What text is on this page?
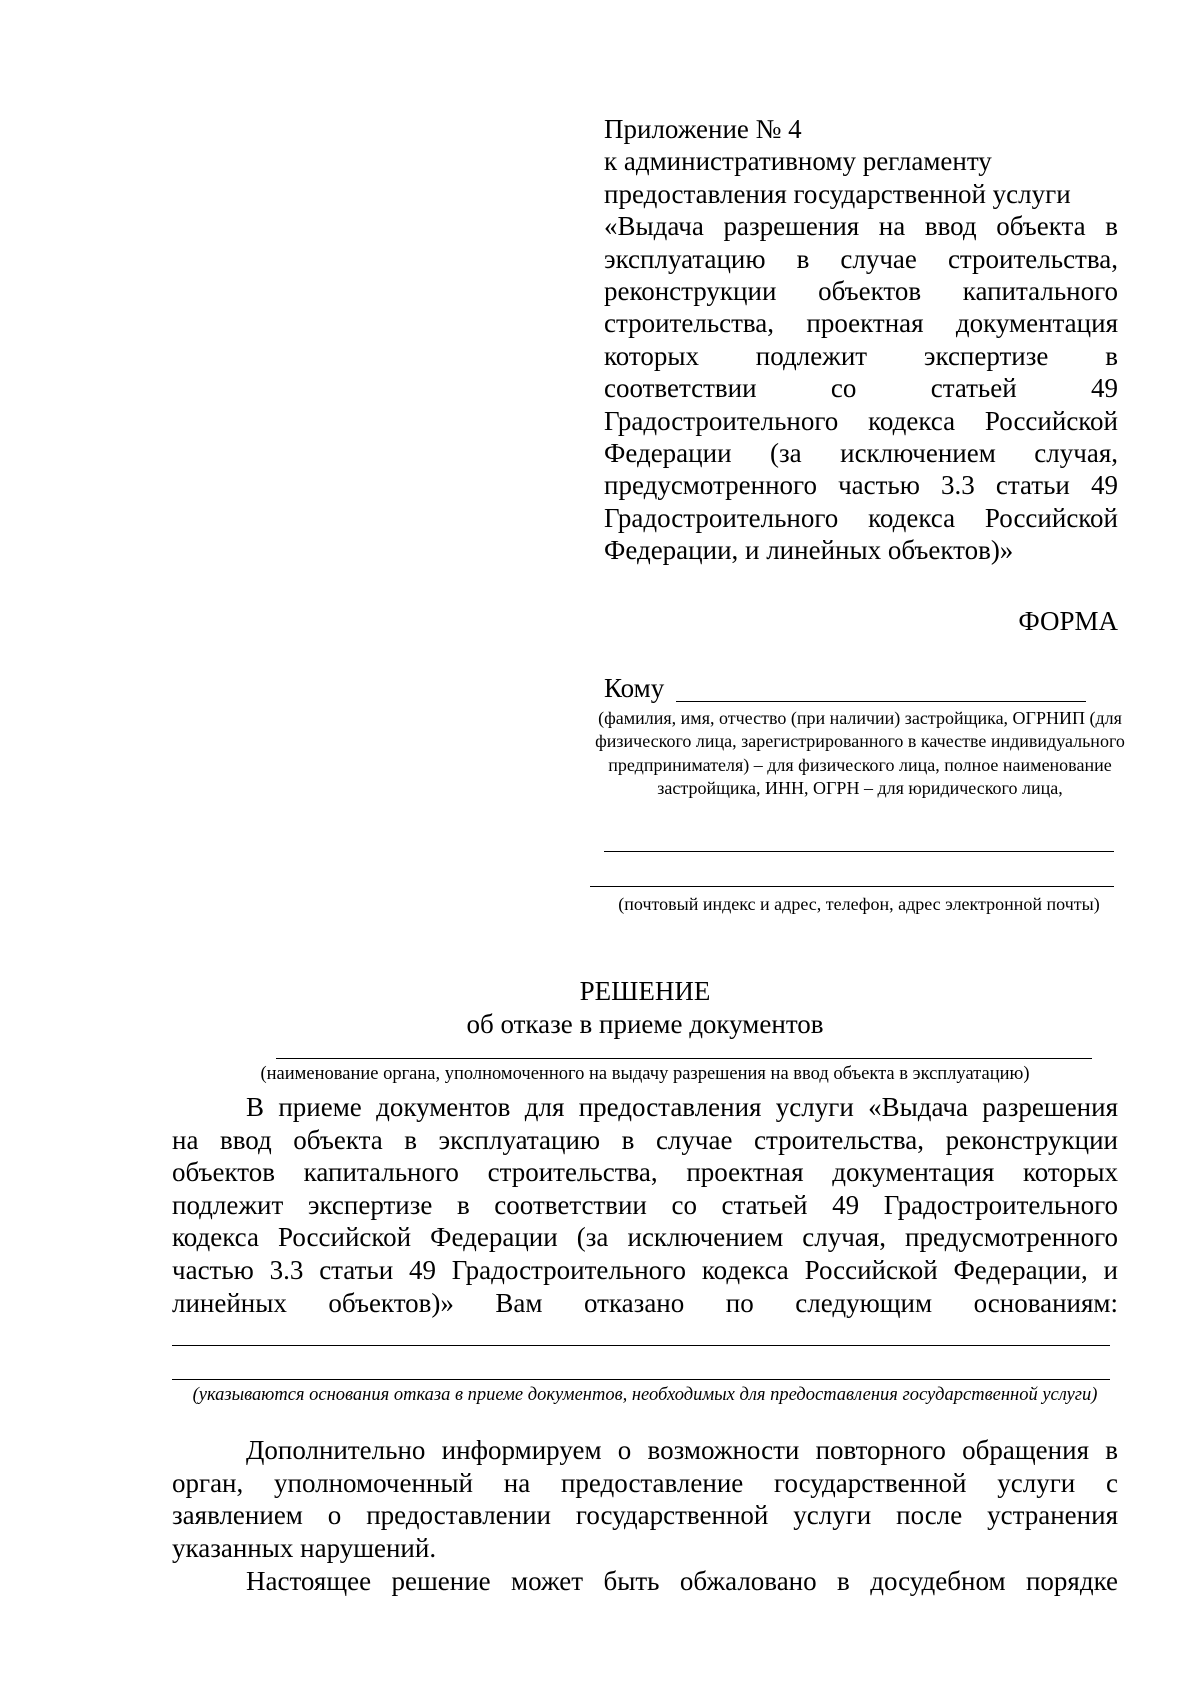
Приложение № 4
к административному регламенту
предоставления государственной услуги
«Выдача разрешения на ввод объекта в
эксплуатацию в случае строительства,
реконструкции объектов капитального
строительства, проектная документация
которых подлежит экспертизе в
соответствии со статьей 49
Градостроительного кодекса Российской
Федерации (за исключением случая,
предусмотренного частью 3.3 статьи 49
Градостроительного кодекса Российской
Федерации, и линейных объектов)»
ФОРМА
Кому
(фамилия, имя, отчество (при наличии) застройщика, ОГРНИП (для физического лица, зарегистрированного в качестве индивидуального предпринимателя) – для физического лица, полное наименование застройщика, ИНН, ОГРН – для юридического лица,
(почтовый индекс и адрес, телефон, адрес электронной почты)
РЕШЕНИЕ
об отказе в приеме документов
(наименование органа, уполномоченного на выдачу разрешения на ввод объекта в эксплуатацию)
В приеме документов для предоставления услуги «Выдача разрешения
на ввод объекта в эксплуатацию в случае строительства, реконструкции
объектов капитального строительства, проектная документация которых
подлежит экспертизе в соответствии со статьей 49 Градостроительного
кодекса Российской Федерации (за исключением случая, предусмотренного
частью 3.3 статьи 49 Градостроительного кодекса Российской Федерации, и
линейных объектов)» Вам отказано по следующим основаниям:
(указываются основания отказа в приеме документов, необходимых для предоставления государственной услуги)
Дополнительно информируем о возможности повторного обращения в
орган, уполномоченный на предоставление государственной услуги с
заявлением о предоставлении государственной услуги после устранения
указанных нарушений.
Настоящее решение может быть обжаловано в досудебном порядке
